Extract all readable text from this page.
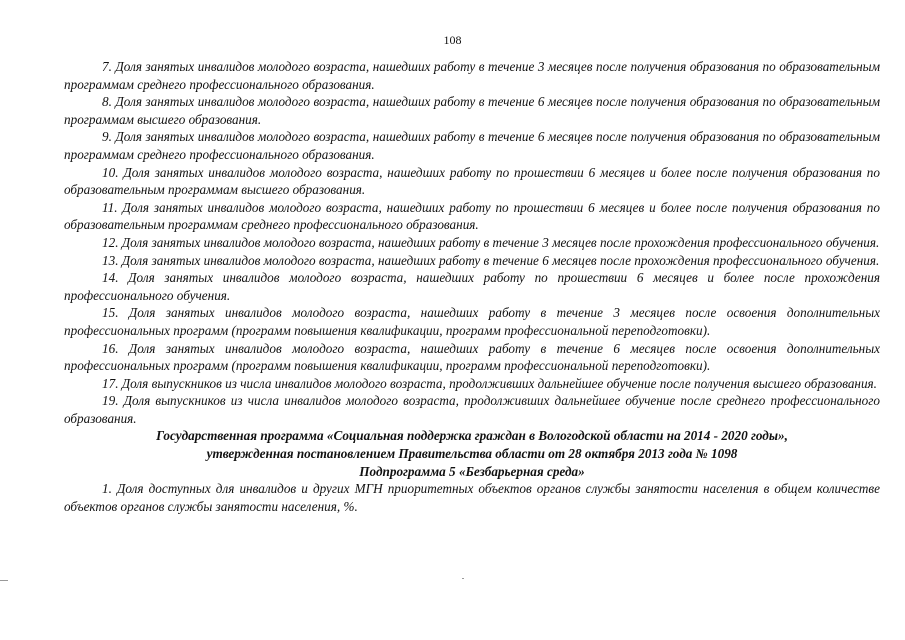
108

7. Доля занятых инвалидов молодого возраста, нашедших работу в течение 3 месяцев после получения образования по образовательным программам среднего профессионального образования.

8. Доля занятых инвалидов молодого возраста, нашедших работу в течение 6 месяцев после получения образования по образовательным программам высшего образования.

9. Доля занятых инвалидов молодого возраста, нашедших работу в течение 6 месяцев после получения образования по образовательным программам среднего профессионального образования.

10. Доля занятых инвалидов молодого возраста, нашедших работу по прошествии 6 месяцев и более после получения образования по образовательным программам высшего образования.

11. Доля занятых инвалидов молодого возраста, нашедших работу по прошествии 6 месяцев и более после получения образования по образовательным программам среднего профессионального образования.

12. Доля занятых инвалидов молодого возраста, нашедших работу в течение 3 месяцев после прохождения профессионального обучения.

13. Доля занятых инвалидов молодого возраста, нашедших работу в течение 6 месяцев после прохождения профессионального обучения.

14. Доля занятых инвалидов молодого возраста, нашедших работу по прошествии 6 месяцев и более после прохождения профессионального обучения.

15. Доля занятых инвалидов молодого возраста, нашедших работу в течение 3 месяцев после освоения дополнительных профессиональных программ (программ повышения квалификации, программ профессиональной переподготовки).

16. Доля занятых инвалидов молодого возраста, нашедших работу в течение 6 месяцев после освоения дополнительных профессиональных программ (программ повышения квалификации, программ профессиональной переподготовки).

17. Доля выпускников из числа инвалидов молодого возраста, продолживших дальнейшее обучение после получения высшего образования.

19. Доля выпускников из числа инвалидов молодого возраста, продолживших дальнейшее обучение после среднего профессионального образования.

Государственная программа «Социальная поддержка граждан в Вологодской области на 2014 - 2020 годы»,

утвержденная постановлением Правительства области от 28 октября 2013 года № 1098

Подпрограмма 5 «Безбарьерная среда»

1. Доля доступных для инвалидов и других МГН приоритетных объектов органов службы занятости населения в общем количестве объектов органов службы занятости населения, %.
